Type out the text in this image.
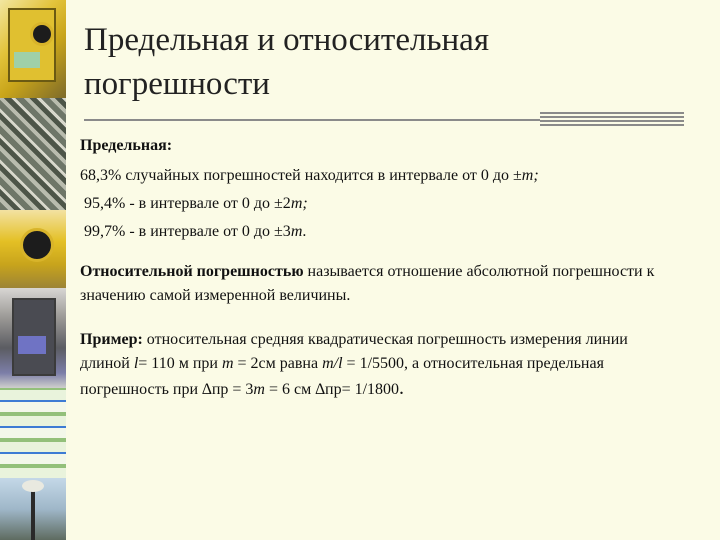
Предельная и относительная
погрешности

Предельная:

68,3% случайных погрешностей находится в интервале от 0 до ±m;

95,4% - в интервале от 0 до ±2m;

99,7% - в интервале от 0 до ±3m.

Относительной погрешностью называется отношение абсолютной погрешности к значению самой измеренной величины.

Пример: относительная средняя квадратическая погрешность измерения линии длиной l= 110 м при m = 2см равна m/l = 1/5500, а относительная предельная погрешность при ∆пр = 3m = 6 см ∆пр= 1/1800.
